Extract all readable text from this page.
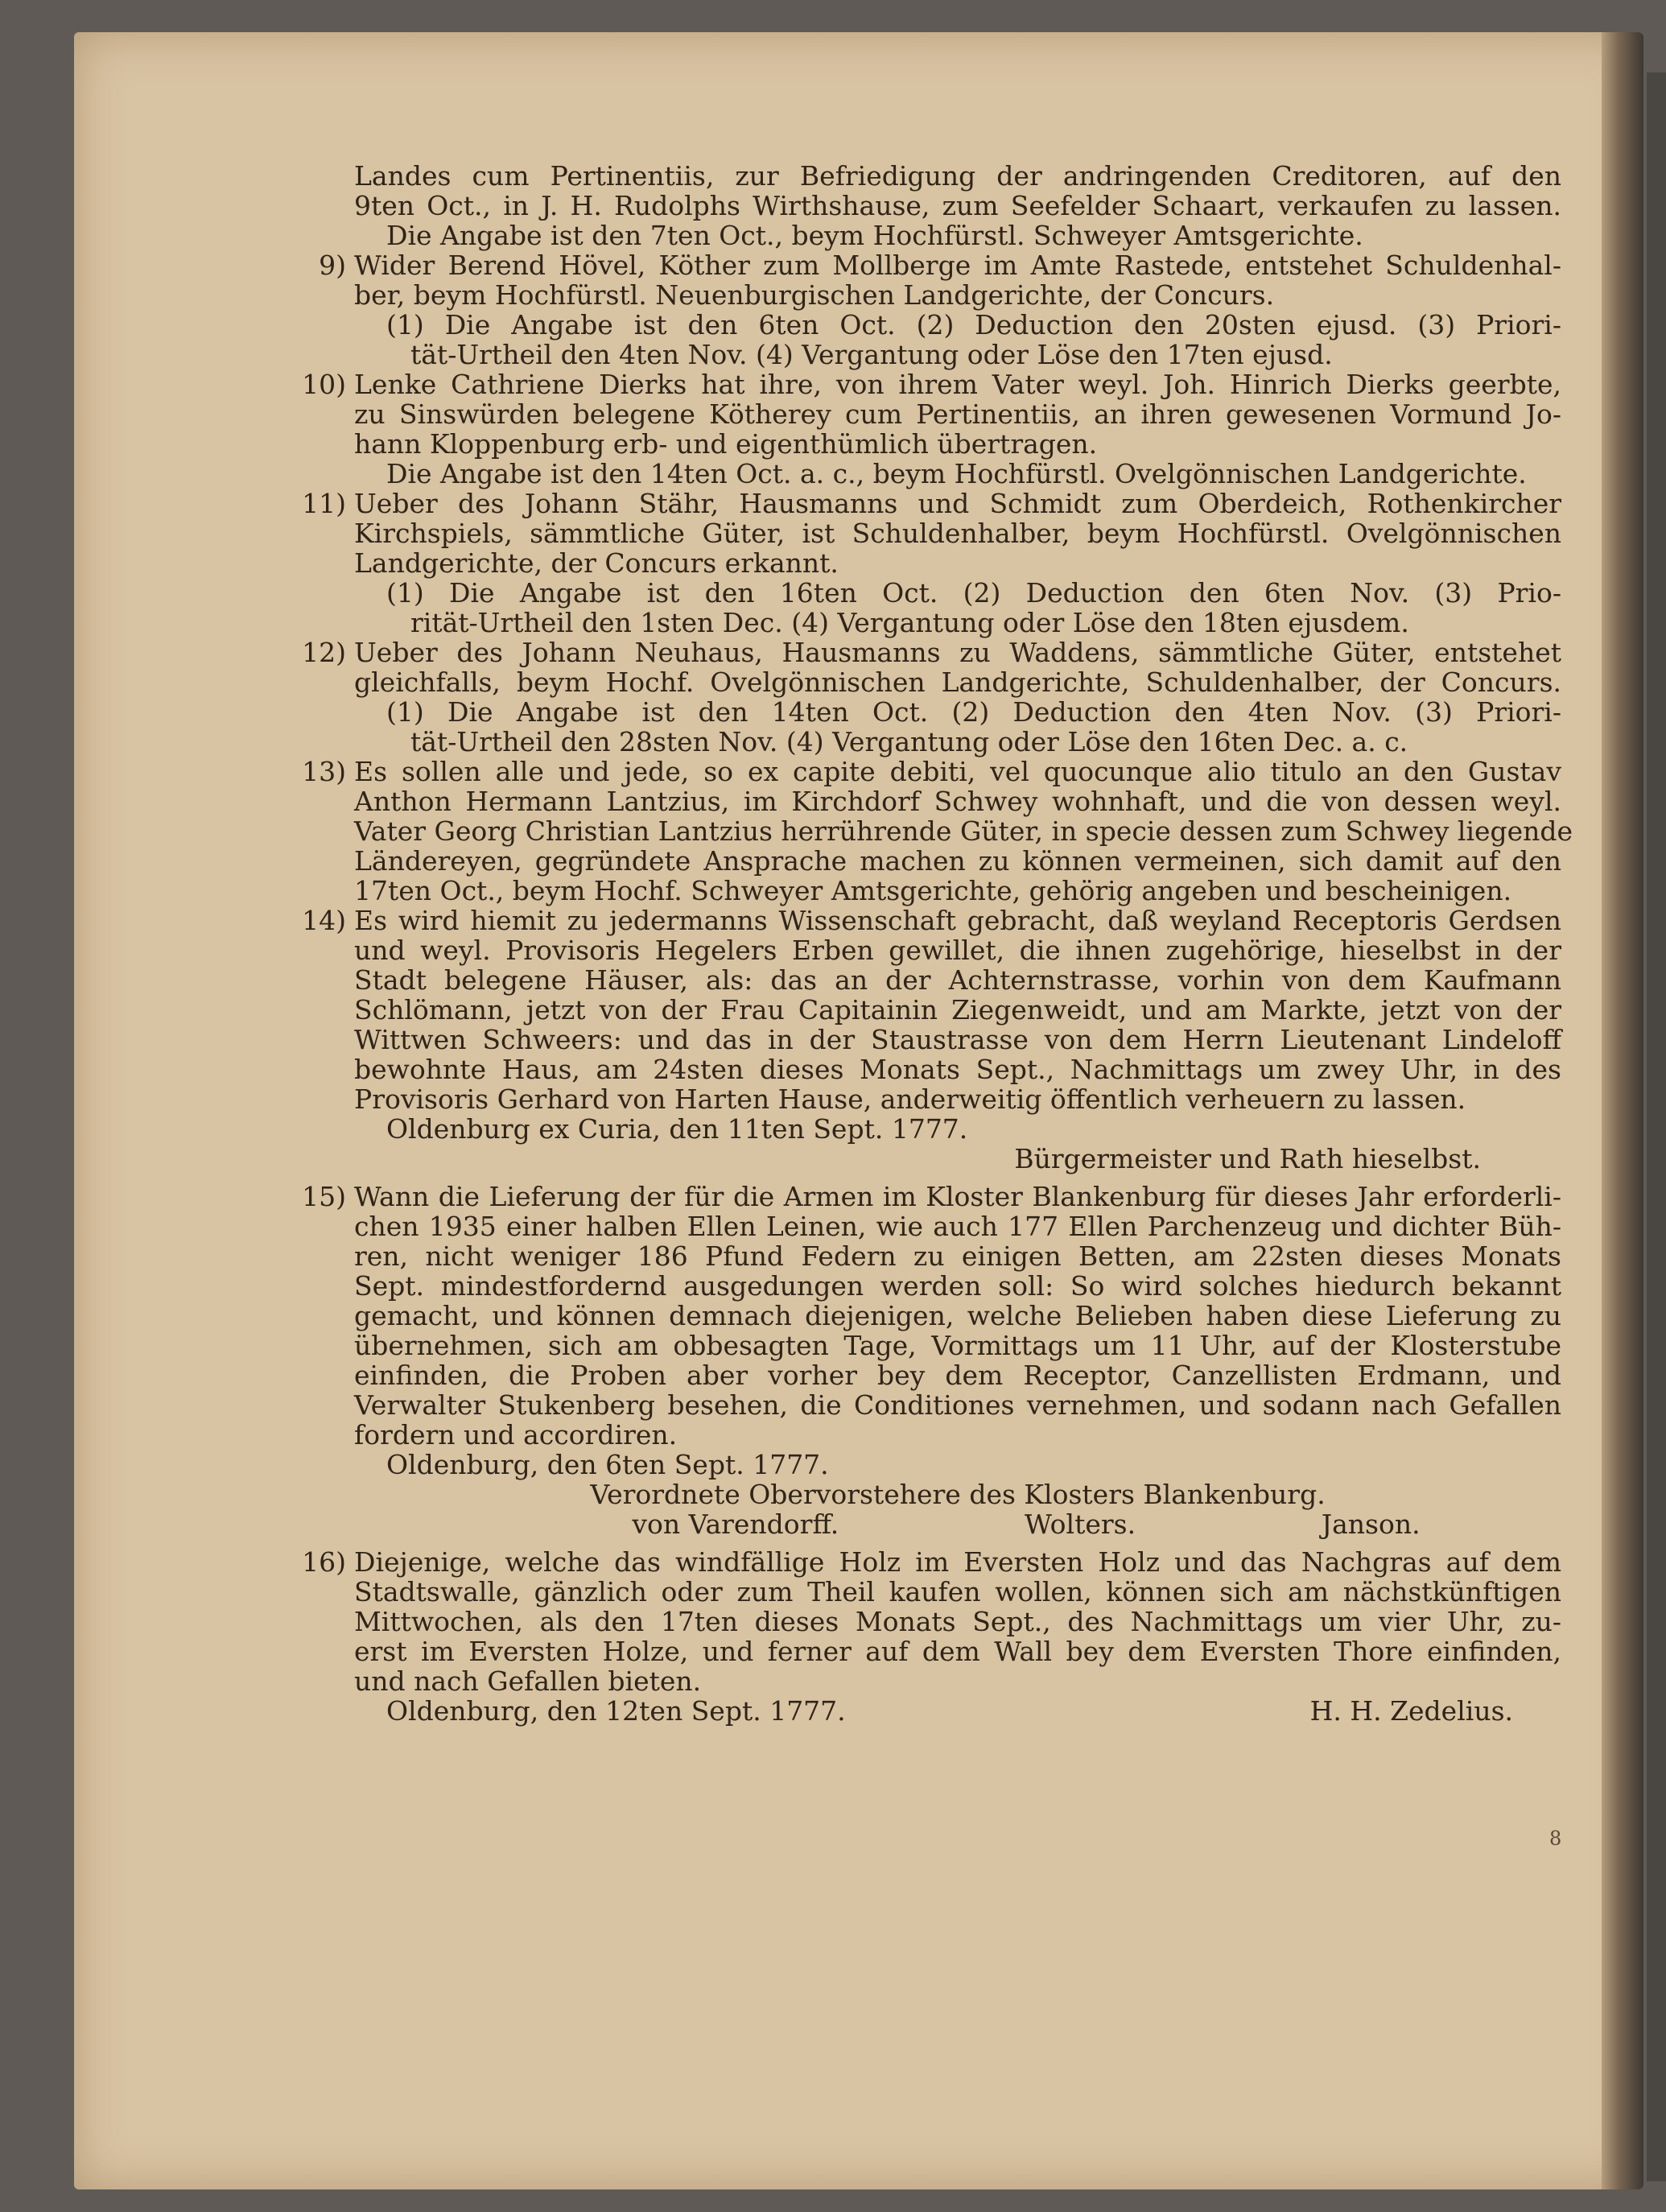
8
Landes cum Pertinentiis, zur Befriedigung der andringenden Creditoren, auf den
9ten Oct., in J. H. Rudolphs Wirthshause, zum Seefelder Schaart, verkaufen zu lassen.
Die Angabe ist den 7ten Oct., beym Hochfürstl. Schweyer Amtsgerichte.
9) Wider Berend Hövel, Köther zum Mollberge im Amte Rastede, entstehet Schuldenhal-
ber, beym Hochfürstl. Neuenburgischen Landgerichte, der Concurs.
(1) Die Angabe ist den 6ten Oct. (2) Deduction den 20sten ejusd. (3) Priori-
tät-Urtheil den 4ten Nov. (4) Vergantung oder Löse den 17ten ejusd.
10) Lenke Cathriene Dierks hat ihre, von ihrem Vater weyl. Joh. Hinrich Dierks geerbte,
zu Sinswürden belegene Kötherey cum Pertinentiis, an ihren gewesenen Vormund Jo-
hann Kloppenburg erb- und eigenthümlich übertragen.
Die Angabe ist den 14ten Oct. a. c., beym Hochfürstl. Ovelgönnischen Landgerichte.
11) Ueber des Johann Stähr, Hausmanns und Schmidt zum Oberdeich, Rothenkircher
Kirchspiels, sämmtliche Güter, ist Schuldenhalber, beym Hochfürstl. Ovelgönnischen
Landgerichte, der Concurs erkannt.
(1) Die Angabe ist den 16ten Oct. (2) Deduction den 6ten Nov. (3) Prio-
rität-Urtheil den 1sten Dec. (4) Vergantung oder Löse den 18ten ejusdem.
12) Ueber des Johann Neuhaus, Hausmanns zu Waddens, sämmtliche Güter, entstehet
gleichfalls, beym Hochf. Ovelgönnischen Landgerichte, Schuldenhalber, der Concurs.
(1) Die Angabe ist den 14ten Oct. (2) Deduction den 4ten Nov. (3) Priori-
tät-Urtheil den 28sten Nov. (4) Vergantung oder Löse den 16ten Dec. a. c.
13) Es sollen alle und jede, so ex capite debiti, vel quocunque alio titulo an den Gustav
Anthon Hermann Lantzius, im Kirchdorf Schwey wohnhaft, und die von dessen weyl.
Vater Georg Christian Lantzius herrührende Güter, in specie dessen zum Schwey liegende
Ländereyen, gegründete Ansprache machen zu können vermeinen, sich damit auf den
17ten Oct., beym Hochf. Schweyer Amtsgerichte, gehörig angeben und bescheinigen.
14) Es wird hiemit zu jedermanns Wissenschaft gebracht, daß weyland Receptoris Gerdsen
und weyl. Provisoris Hegelers Erben gewillet, die ihnen zugehörige, hieselbst in der
Stadt belegene Häuser, als: das an der Achternstrasse, vorhin von dem Kaufmann
Schlömann, jetzt von der Frau Capitainin Ziegenweidt, und am Markte, jetzt von der
Wittwen Schweers: und das in der Staustrasse von dem Herrn Lieutenant Lindeloff
bewohnte Haus, am 24sten dieses Monats Sept., Nachmittags um zwey Uhr, in des
Provisoris Gerhard von Harten Hause, anderweitig öffentlich verheuern zu lassen.
Oldenburg ex Curia, den 11ten Sept. 1777.
Bürgermeister und Rath hieselbst.
15) Wann die Lieferung der für die Armen im Kloster Blankenburg für dieses Jahr erforderli-
chen 1935 einer halben Ellen Leinen, wie auch 177 Ellen Parchenzeug und dichter Büh-
ren, nicht weniger 186 Pfund Federn zu einigen Betten, am 22sten dieses Monats
Sept. mindestfordernd ausgedungen werden soll: So wird solches hiedurch bekannt
gemacht, und können demnach diejenigen, welche Belieben haben diese Lieferung zu
übernehmen, sich am obbesagten Tage, Vormittags um 11 Uhr, auf der Klosterstube
einfinden, die Proben aber vorher bey dem Receptor, Canzellisten Erdmann, und
Verwalter Stukenberg besehen, die Conditiones vernehmen, und sodann nach Gefallen
fordern und accordiren.
Oldenburg, den 6ten Sept. 1777.
Verordnete Obervorstehere des Klosters Blankenburg.
von Varendorff.	Wolters.	Janson.
16) Diejenige, welche das windfällige Holz im Eversten Holz und das Nachgras auf dem
Stadtswalle, gänzlich oder zum Theil kaufen wollen, können sich am nächstkünftigen
Mittwochen, als den 17ten dieses Monats Sept., des Nachmittags um vier Uhr, zu-
erst im Eversten Holze, und ferner auf dem Wall bey dem Eversten Thore einfinden,
und nach Gefallen bieten.
Oldenburg, den 12ten Sept. 1777.	H. H. Zedelius.
